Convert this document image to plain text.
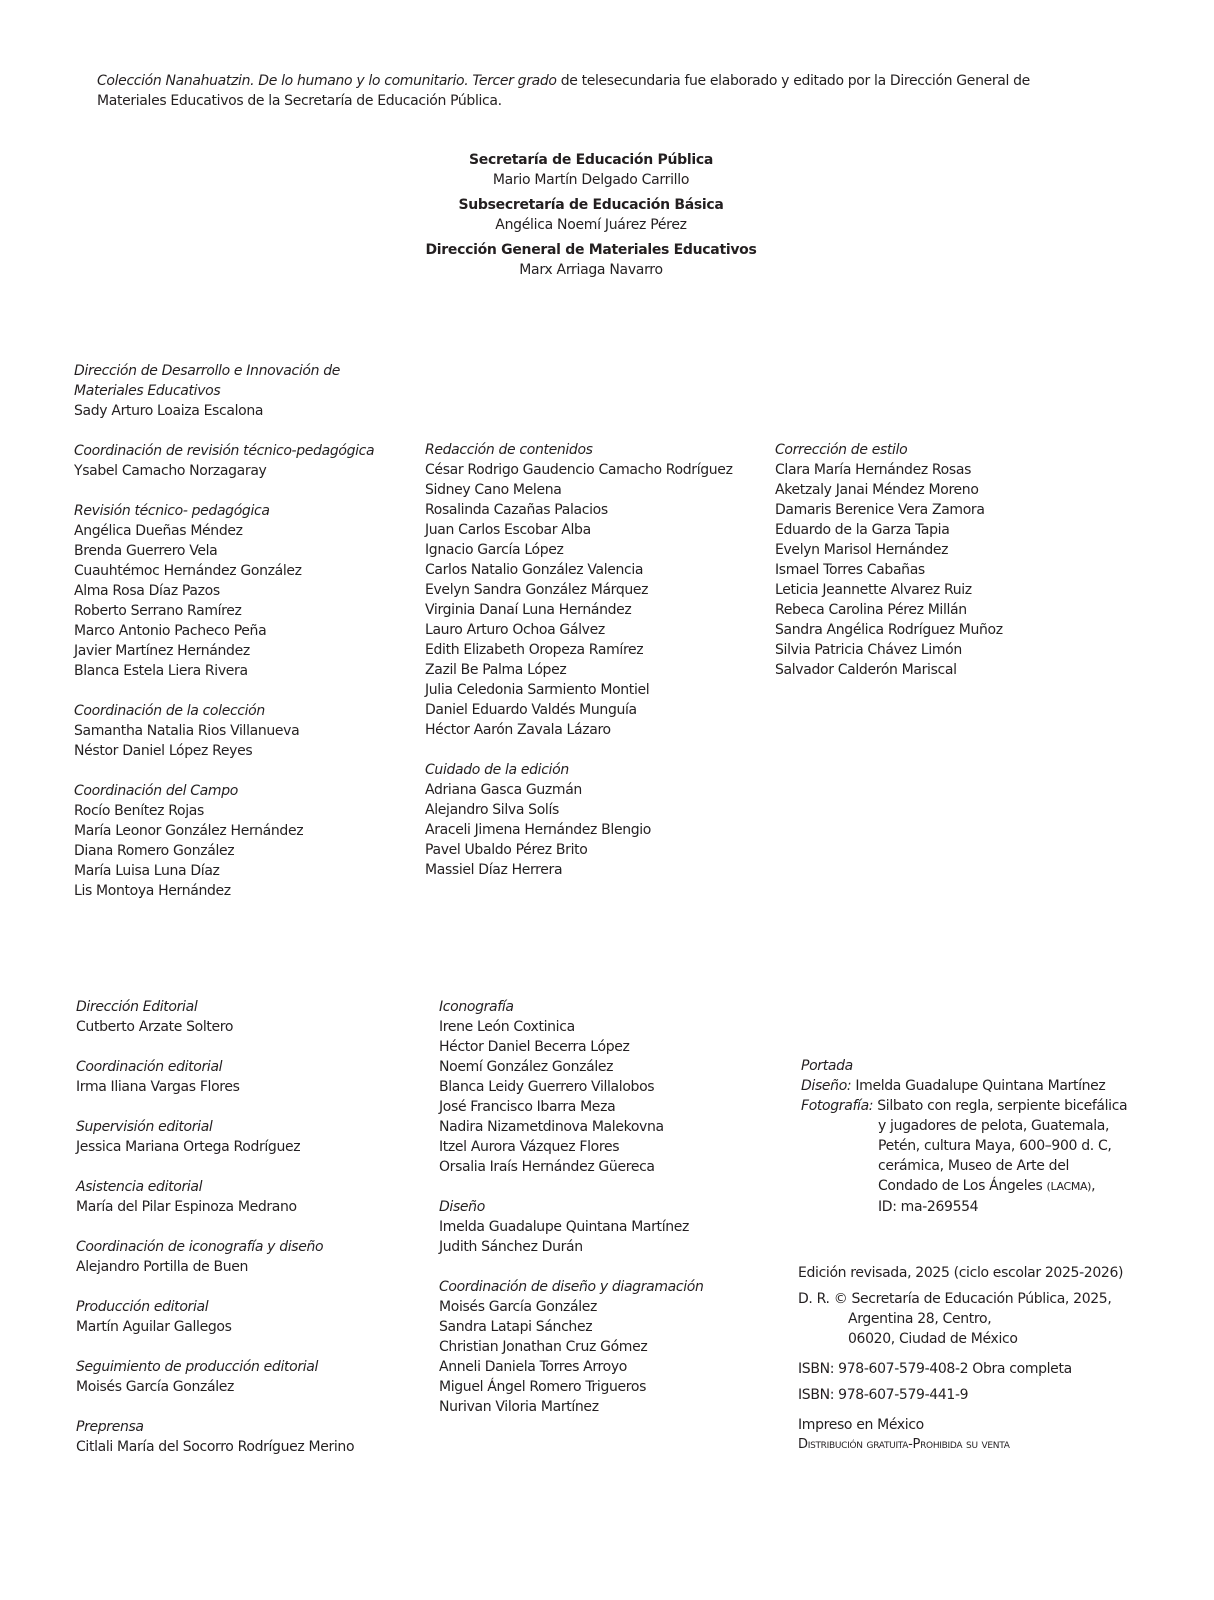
Colección Nanahuatzin. De lo humano y lo comunitario. Tercer grado de telesecundaria fue elaborado y editado por la Dirección General de Materiales Educativos de la Secretaría de Educación Pública.
Secretaría de Educación Pública
Mario Martín Delgado Carrillo
Subsecretaría de Educación Básica
Angélica Noemí Juárez Pérez
Dirección General de Materiales Educativos
Marx Arriaga Navarro
Dirección de Desarrollo e Innovación de
Materiales Educativos
Sady Arturo Loaiza Escalona
Coordinación de revisión técnico-pedagógica
Ysabel Camacho Norzagaray
Revisión técnico- pedagógica
Angélica Dueñas Méndez
Brenda Guerrero Vela
Cuauhtémoc Hernández González
Alma Rosa Díaz Pazos
Roberto Serrano Ramírez
Marco Antonio Pacheco Peña
Javier Martínez Hernández
Blanca Estela Liera Rivera
Coordinación de la colección
Samantha Natalia Rios Villanueva
Néstor Daniel López Reyes
Coordinación del Campo
Rocío Benítez Rojas
María Leonor González Hernández
Diana Romero González
María Luisa Luna Díaz
Lis Montoya Hernández
Redacción de contenidos
César Rodrigo Gaudencio Camacho Rodríguez
Sidney Cano Melena
Rosalinda Cazañas Palacios
Juan Carlos Escobar Alba
Ignacio García López
Carlos Natalio González Valencia
Evelyn Sandra González Márquez
Virginia Danaí Luna Hernández
Lauro Arturo Ochoa Gálvez
Edith Elizabeth Oropeza Ramírez
Zazil Be Palma López
Julia Celedonia Sarmiento Montiel
Daniel Eduardo Valdés Munguía
Héctor Aarón Zavala Lázaro
Cuidado de la edición
Adriana Gasca Guzmán
Alejandro Silva Solís
Araceli Jimena Hernández Blengio
Pavel Ubaldo Pérez Brito
Massiel Díaz Herrera
Corrección de estilo
Clara María Hernández Rosas
Aketzaly Janai Méndez Moreno
Damaris Berenice Vera Zamora
Eduardo de la Garza Tapia
Evelyn Marisol Hernández
Ismael Torres Cabañas
Leticia Jeannette Alvarez Ruiz
Rebeca Carolina Pérez Millán
Sandra Angélica Rodríguez Muñoz
Silvia Patricia Chávez Limón
Salvador Calderón Mariscal
Dirección Editorial
Cutberto Arzate Soltero
Coordinación editorial
Irma Iliana Vargas Flores
Supervisión editorial
Jessica Mariana Ortega Rodríguez
Asistencia editorial
María del Pilar Espinoza Medrano
Coordinación de iconografía y diseño
Alejandro Portilla de Buen
Producción editorial
Martín Aguilar Gallegos
Seguimiento de producción editorial
Moisés García González
Preprensa
Citlali María del Socorro Rodríguez Merino
Iconografía
Irene León Coxtinica
Héctor Daniel Becerra López
Noemí González González
Blanca Leidy Guerrero Villalobos
José Francisco Ibarra Meza
Nadira Nizametdinova Malekovna
Itzel Aurora Vázquez Flores
Orsalia Iraís Hernández Güereca
Diseño
Imelda Guadalupe Quintana Martínez
Judith Sánchez Durán
Coordinación de diseño y diagramación
Moisés García González
Sandra Latapi Sánchez
Christian Jonathan Cruz Gómez
Anneli Daniela Torres Arroyo
Miguel Ángel Romero Trigueros
Nurivan Viloria Martínez
Portada
Diseño: Imelda Guadalupe Quintana Martínez
Fotografía: Silbato con regla, serpiente bicefálica
y jugadores de pelota, Guatemala,
Petén, cultura Maya, 600–900 d. C,
cerámica, Museo de Arte del
Condado de Los Ángeles (LACMA),
ID: ma-269554
Edición revisada, 2025 (ciclo escolar 2025-2026)
D. R. © Secretaría de Educación Pública, 2025,
Argentina 28, Centro,
06020, Ciudad de México
ISBN: 978-607-579-408-2 Obra completa
ISBN: 978-607-579-441-9
Impreso en México
Distribución gratuita-Prohibida su venta
